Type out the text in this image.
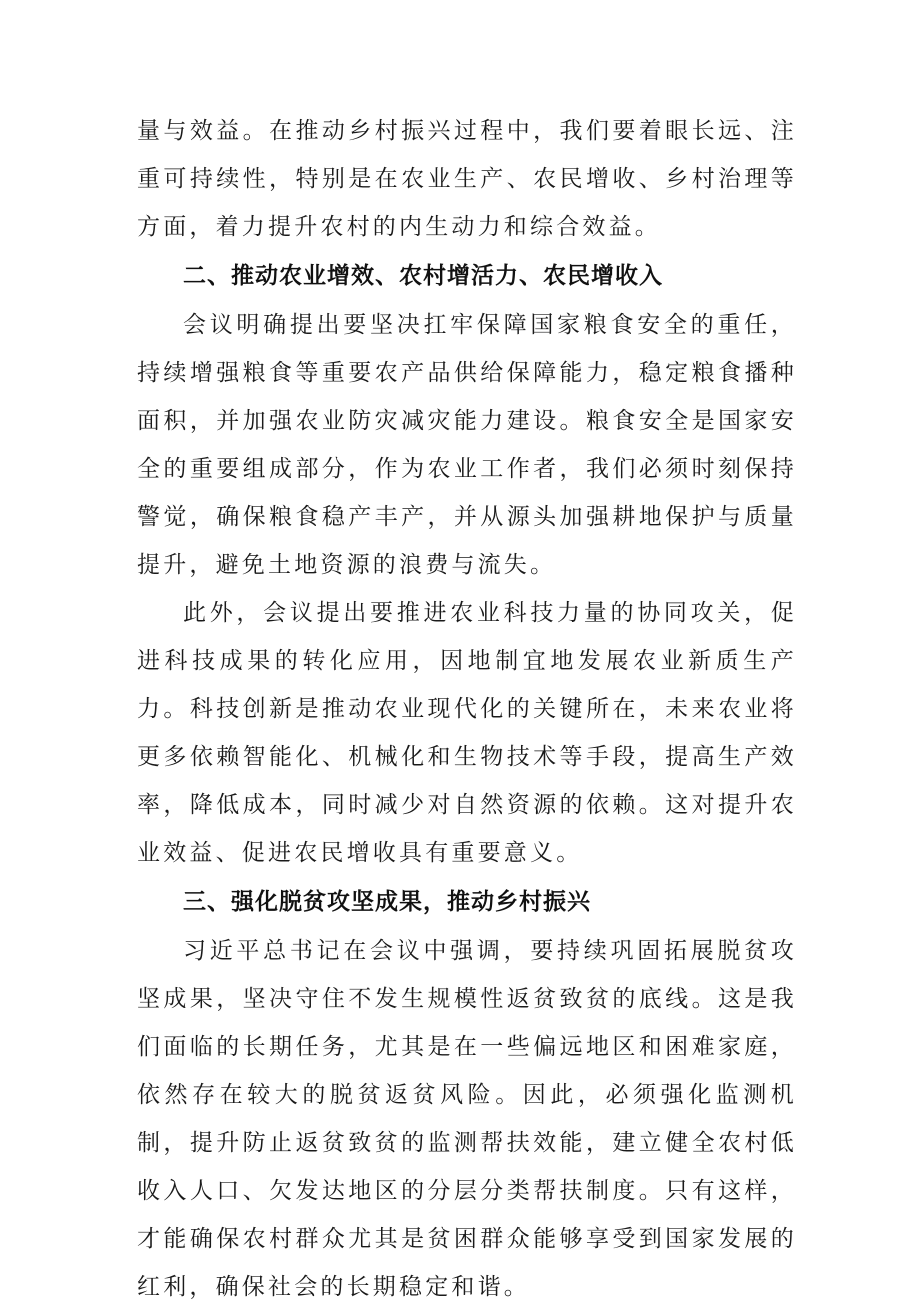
量与效益。在推动乡村振兴过程中，我们要着眼长远、注重可持续性，特别是在农业生产、农民增收、乡村治理等方面，着力提升农村的内生动力和综合效益。

二、推动农业增效、农村增活力、农民增收入

会议明确提出要坚决扛牢保障国家粮食安全的重任，持续增强粮食等重要农产品供给保障能力，稳定粮食播种面积，并加强农业防灾减灾能力建设。粮食安全是国家安全的重要组成部分，作为农业工作者，我们必须时刻保持警觉，确保粮食稳产丰产，并从源头加强耕地保护与质量提升，避免土地资源的浪费与流失。

此外，会议提出要推进农业科技力量的协同攻关，促进科技成果的转化应用，因地制宜地发展农业新质生产力。科技创新是推动农业现代化的关键所在，未来农业将更多依赖智能化、机械化和生物技术等手段，提高生产效率，降低成本，同时减少对自然资源的依赖。这对提升农业效益、促进农民增收具有重要意义。

三、强化脱贫攻坚成果，推动乡村振兴

习近平总书记在会议中强调，要持续巩固拓展脱贫攻坚成果，坚决守住不发生规模性返贫致贫的底线。这是我们面临的长期任务，尤其是在一些偏远地区和困难家庭，依然存在较大的脱贫返贫风险。因此，必须强化监测机制，提升防止返贫致贫的监测帮扶效能，建立健全农村低收入人口、欠发达地区的分层分类帮扶制度。只有这样，才能确保农村群众尤其是贫困群众能够享受到国家发展的红利，确保社会的长期稳定和谐。
